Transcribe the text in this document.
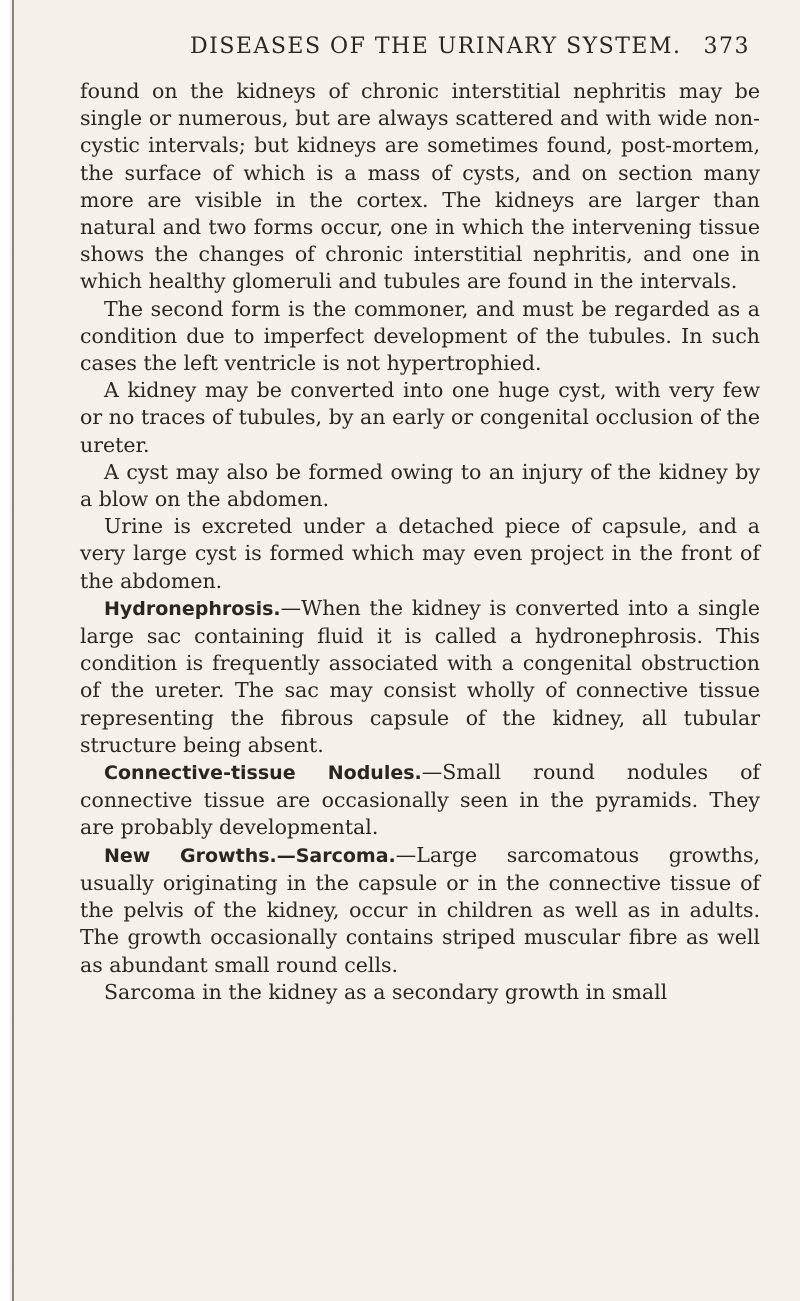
DISEASES OF THE URINARY SYSTEM. 373

found on the kidneys of chronic interstitial nephritis may be single or numerous, but are always scattered and with wide non-cystic intervals; but kidneys are sometimes found, post-mortem, the surface of which is a mass of cysts, and on section many more are visible in the cortex. The kidneys are larger than natural and two forms occur, one in which the intervening tissue shows the changes of chronic interstitial nephritis, and one in which healthy glomeruli and tubules are found in the intervals.

The second form is the commoner, and must be regarded as a condition due to imperfect development of the tubules. In such cases the left ventricle is not hypertrophied.

A kidney may be converted into one huge cyst, with very few or no traces of tubules, by an early or congenital occlusion of the ureter.

A cyst may also be formed owing to an injury of the kidney by a blow on the abdomen.

Urine is excreted under a detached piece of capsule, and a very large cyst is formed which may even project in the front of the abdomen.

Hydronephrosis.—When the kidney is converted into a single large sac containing fluid it is called a hydronephrosis. This condition is frequently associated with a congenital obstruction of the ureter. The sac may consist wholly of connective tissue representing the fibrous capsule of the kidney, all tubular structure being absent.

Connective-tissue Nodules.—Small round nodules of connective tissue are occasionally seen in the pyramids. They are probably developmental.

New Growths.—Sarcoma.—Large sarcomatous growths, usually originating in the capsule or in the connective tissue of the pelvis of the kidney, occur in children as well as in adults. The growth occasionally contains striped muscular fibre as well as abundant small round cells.

Sarcoma in the kidney as a secondary growth in small
